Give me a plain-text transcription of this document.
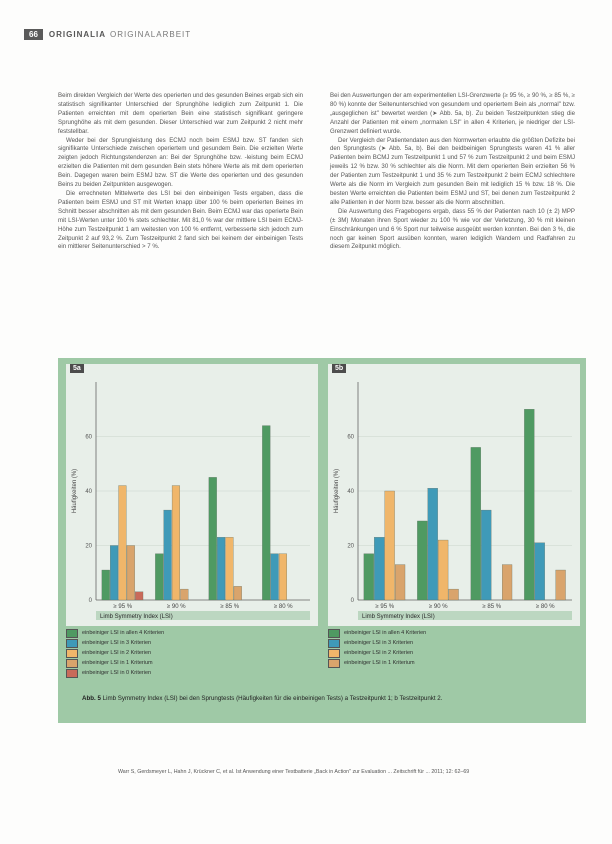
66	ORIGINALIA ORIGINALARBEIT

Beim direkten Vergleich der Werte des operierten und des gesunden Beines ergab sich ein statistisch signifikanter Unterschied der Sprunghöhe lediglich zum Zeitpunkt 1. Die Patienten erreichten mit dem operierten Bein eine statistisch signifikant geringere Sprunghöhe als mit dem gesunden. Dieser Unterschied war zum Zeitpunkt 2 nicht mehr feststellbar.

Weder bei der Sprungleistung des ECMJ noch beim ESMJ bzw. ST fanden sich signifikante Unterschiede zwischen operiertem und gesundem Bein. Die erzielten Werte zeigten jedoch Richtungstendenzen an: Bei der Sprunghöhe bzw. -leistung beim ECMJ erzielten die Patienten mit dem gesunden Bein stets höhere Werte als mit dem operierten Bein. Dagegen waren beim ESMJ bzw. ST die Werte des operierten und des gesunden Beins zu beiden Zeitpunkten ausgewogen.

Die errechneten Mittelwerte des LSI bei den einbeinigen Tests ergaben, dass die Patienten beim ESMJ und ST mit Werten knapp über 100 % beim operierten Beines im Schnitt besser abschnitten als mit dem gesunden Bein. Beim ECMJ war das operierte Bein mit LSI-Werten unter 100 % stets schlechter. Mit 81,0 % war der mittlere LSI beim ECMJ-Höhe zum Testzeitpunkt 1 am weitesten von 100 % entfernt, verbesserte sich jedoch zum Zeitpunkt 2 auf 93,2 %. Zum Testzeitpunkt 2 fand sich bei keinem der einbeinigen Tests ein mittlerer Seitenunterschied > 7 %.

Bei den Auswertungen der am experimentellen LSI-Grenzwerte (≥ 95 %, ≥ 90 %, ≥ 85 %, ≥ 80 %) konnte der Seitenunterschied von gesundem und operiertem Bein als „normal" bzw. „ausgeglichen ist" bewertet werden (➤ Abb. 5a, b). Zu beiden Testzeitpunkten stieg die Anzahl der Patienten mit einem „normalen LSI" in allen 4 Kriterien, je niedriger der LSI-Grenzwert definiert wurde.

Der Vergleich der Patientendaten aus den Normwerten erlaubte die größten Defizite bei den Sprungtests (➤ Abb. 5a, b). Bei den beidbeinigen Sprungtests waren 41 % aller Patienten beim BCMJ zum Testzeitpunkt 1 und 57 % zum Testzeitpunkt 2 und beim ESMJ jeweils 12 % bzw. 30 % schlechter als die Norm. Mit dem operierten Bein erzielten 56 % der Patienten zum Testzeitpunkt 1 und 35 % zum Testzeitpunkt 2 beim ECMJ schlechtere Werte als die Norm im Vergleich zum gesunden Bein mit lediglich 15 % bzw. 18 %. Die besten Werte erreichten die Patienten beim ESMJ und ST, bei denen zum Testzeitpunkt 2 alle Patienten in der Norm bzw. besser als die Norm abschnitten.

Die Auswertung des Fragebogens ergab, dass 55 % der Patienten nach 10 (± 2) MPP (± 3M) Monaten ihren Sport wieder zu 100 % wie vor der Verletzung, 30 % mit kleinen Einschränkungen und 6 % Sport nur teilweise ausgeübt werden konnten. Bei den 3 %, die noch gar keinen Sport ausüben konnten, waren lediglich Wandern und Radfahren zu diesem Zeitpunkt möglich.

0
20
40
60
Häufigkeiten (%)
≥ 95 %	≥ 90 %	≥ 85 %	≥ 80 %
Limb Symmetry Index (LSI)
5a
0
20
40
60
Häufigkeiten (%)
≥ 95 %	≥ 90 %	≥ 85 %	≥ 80 %
Limb Symmetry Index (LSI)
5b
einbeiniger LSI in allen 4 Kriterien
einbeiniger LSI in 3 Kriterien
einbeiniger LSI in 2 Kriterien
einbeiniger LSI in 1 Kriterium
einbeiniger LSI in 0 Kriterien
einbeiniger LSI in allen 4 Kriterien
einbeiniger LSI in 3 Kriterien
einbeiniger LSI in 2 Kriterien
einbeiniger LSI in 1 Kriterium
Abb. 5 Limb Symmetry Index (LSI) bei den Sprungtests (Häufigkeiten für die einbeinigen Tests) a Testzeitpunkt 1; b Testzeitpunkt 2.
Warr S, Gerdsmeyer L, Hahn J, Krückner C, et al. Ist Anwendung einer Testbatterie „Back in Action" zur Evaluation ... Zeitschrift für ... 2011; 12: 62–69
